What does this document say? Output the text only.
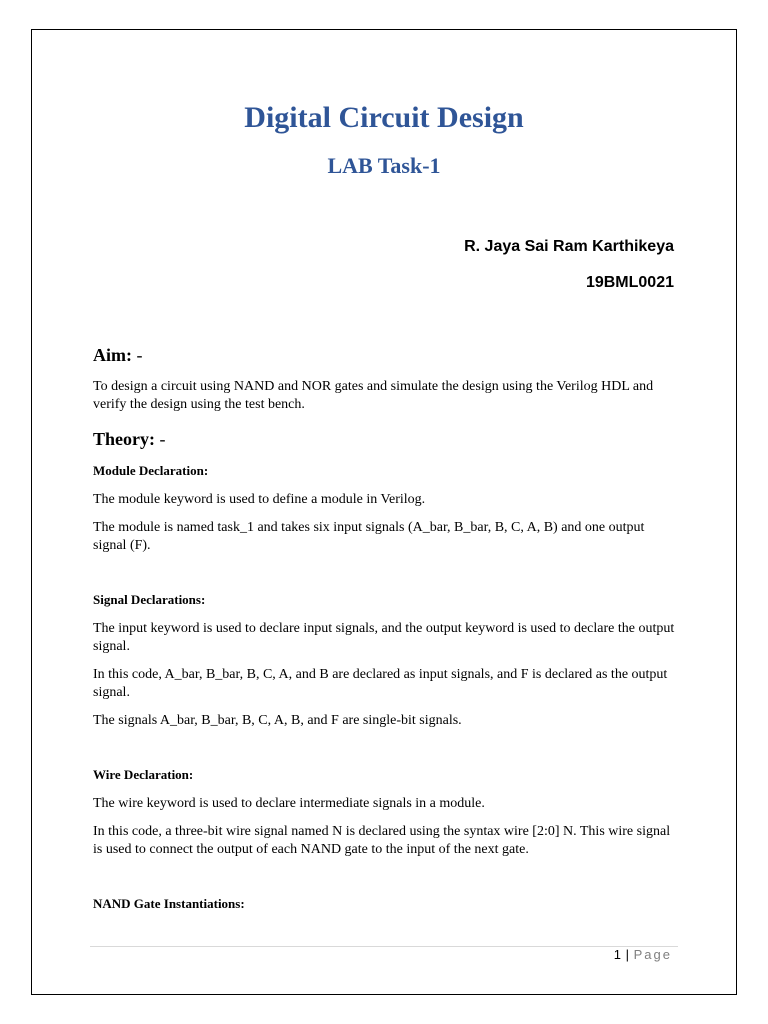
Digital Circuit Design
LAB Task-1
R. Jaya Sai Ram Karthikeya
19BML0021
Aim: -

To design a circuit using NAND and NOR gates and simulate the design using the Verilog HDL and verify the design using the test bench.

Theory: -
Module Declaration:

The module keyword is used to define a module in Verilog.

The module is named task_1 and takes six input signals (A_bar, B_bar, B, C, A, B) and one output signal (F).

Signal Declarations:

The input keyword is used to declare input signals, and the output keyword is used to declare the output signal.

In this code, A_bar, B_bar, B, C, A, and B are declared as input signals, and F is declared as the output signal.

The signals A_bar, B_bar, B, C, A, B, and F are single-bit signals.

Wire Declaration:

The wire keyword is used to declare intermediate signals in a module.

In this code, a three-bit wire signal named N is declared using the syntax wire [2:0] N. This wire signal is used to connect the output of each NAND gate to the input of the next gate.

NAND Gate Instantiations:
1 | Page
